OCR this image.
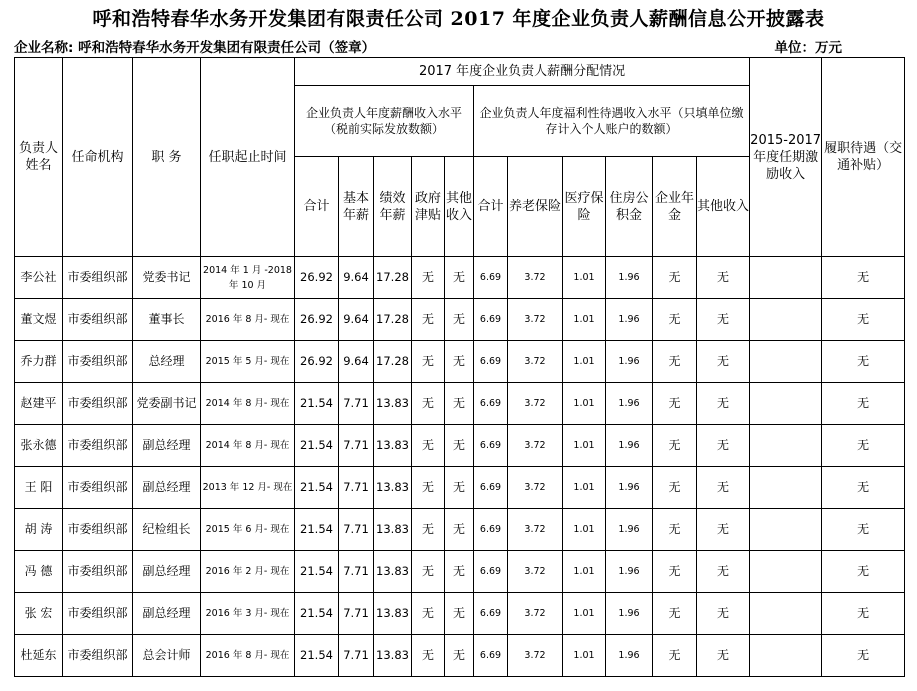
呼和浩特春华水务开发集团有限责任公司 2017 年度企业负责人薪酬信息公开披露表
企业名称: 呼和浩特春华水务开发集团有限责任公司（签章）	单位：万元
负责人姓名	任命机构	职 务	任职起止时间	2017 年度企业负责人薪酬分配情况											2015-2017 年度任期激励收入	履职待遇（交通补贴）
				企业负责人年度薪酬收入水平（税前实际发放数额）					企业负责人年度福利性待遇收入水平（只填单位缴存计入个人账户的数额）							
				合计	基本年薪	绩效年薪	政府津贴	其他收入	合计	养老保险	医疗保险	住房公积金	企业年金	其他收入		
李公社	市委组织部	党委书记	2014 年 1 月 -2018 年 10 月	26.92	9.64	17.28	无	无	6.69	3.72	1.01	1.96	无	无		无
董文煜	市委组织部	董事长	2016 年 8 月- 现在	26.92	9.64	17.28	无	无	6.69	3.72	1.01	1.96	无	无		无
乔力群	市委组织部	总经理	2015 年 5 月- 现在	26.92	9.64	17.28	无	无	6.69	3.72	1.01	1.96	无	无		无
赵建平	市委组织部	党委副书记	2014 年 8 月- 现在	21.54	7.71	13.83	无	无	6.69	3.72	1.01	1.96	无	无		无
张永德	市委组织部	副总经理	2014 年 8 月- 现在	21.54	7.71	13.83	无	无	6.69	3.72	1.01	1.96	无	无		无
王 阳	市委组织部	副总经理	2013 年 12 月- 现在	21.54	7.71	13.83	无	无	6.69	3.72	1.01	1.96	无	无		无
胡 涛	市委组织部	纪检组长	2015 年 6 月- 现在	21.54	7.71	13.83	无	无	6.69	3.72	1.01	1.96	无	无		无
冯 德	市委组织部	副总经理	2016 年 2 月- 现在	21.54	7.71	13.83	无	无	6.69	3.72	1.01	1.96	无	无		无
张 宏	市委组织部	副总经理	2016 年 3 月- 现在	21.54	7.71	13.83	无	无	6.69	3.72	1.01	1.96	无	无		无
杜延东	市委组织部	总会计师	2016 年 8 月- 现在	21.54	7.71	13.83	无	无	6.69	3.72	1.01	1.96	无	无		无
